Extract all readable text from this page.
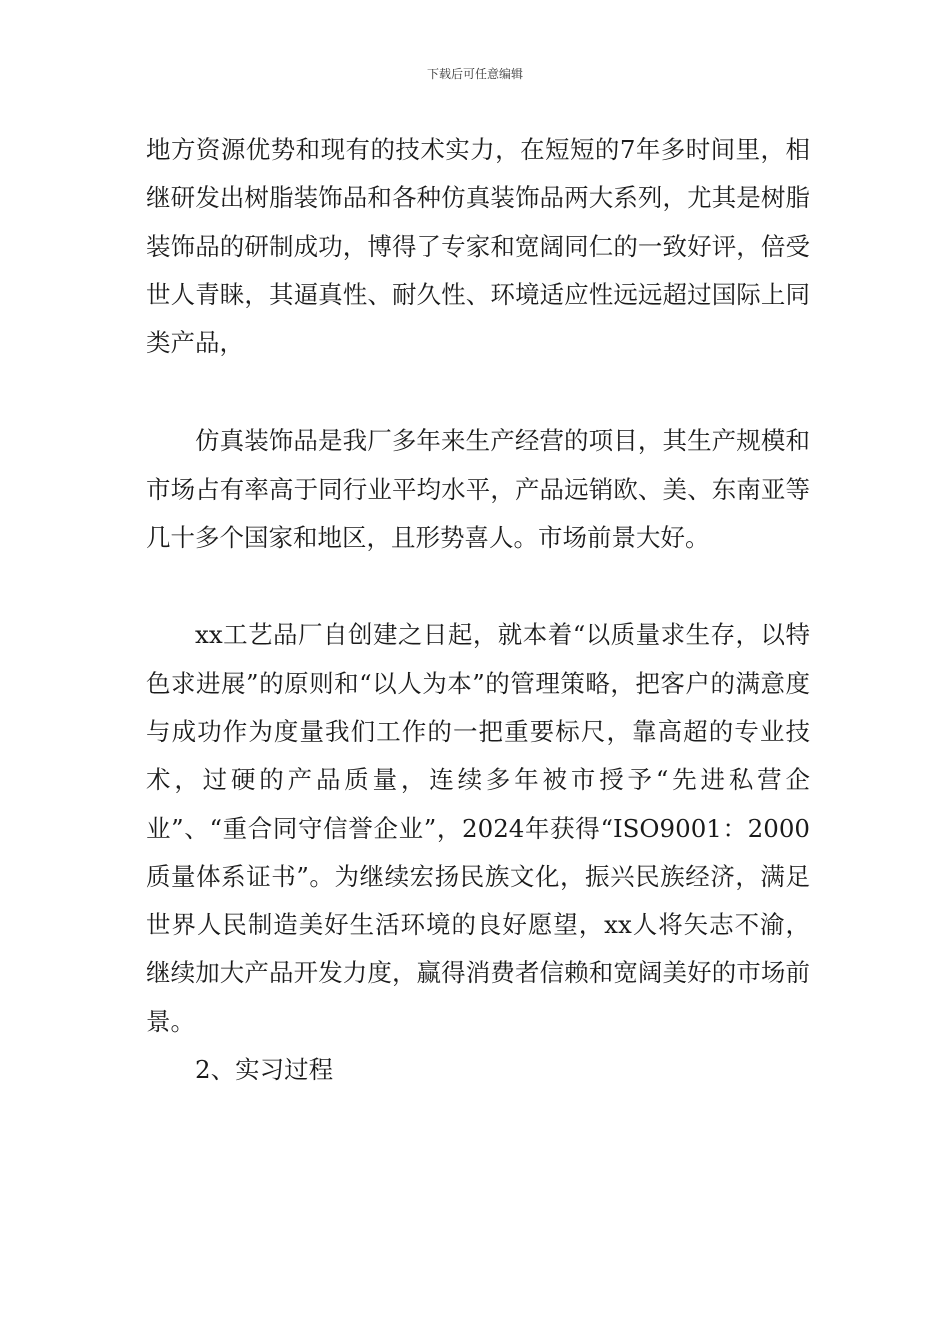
下载后可任意编辑

地方资源优势和现有的技术实力，在短短的7年多时间里，相继研发出树脂装饰品和各种仿真装饰品两大系列，尤其是树脂装饰品的研制成功，博得了专家和宽阔同仁的一致好评，倍受世人青睐，其逼真性、耐久性、环境适应性远远超过国际上同类产品，

仿真装饰品是我厂多年来生产经营的项目，其生产规模和市场占有率高于同行业平均水平，产品远销欧、美、东南亚等几十多个国家和地区，且形势喜人。市场前景大好。

xx工艺品厂自创建之日起，就本着“以质量求生存，以特色求进展”的原则和“以人为本”的管理策略，把客户的满意度与成功作为度量我们工作的一把重要标尺，靠高超的专业技术，过硬的产品质量，连续多年被市授予“先进私营企业”、“重合同守信誉企业”，2024年获得“ISO9001：2000质量体系证书”。为继续宏扬民族文化，振兴民族经济，满足世界人民制造美好生活环境的良好愿望，xx人将矢志不渝，继续加大产品开发力度，赢得消费者信赖和宽阔美好的市场前景。

2、实习过程
